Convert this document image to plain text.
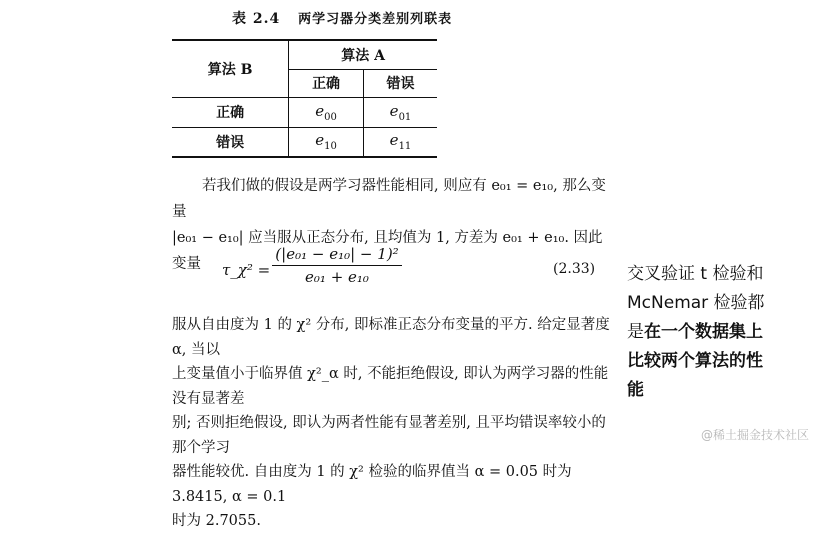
表 2.4 两学习器分类差别列联表
算法 B	算法 A	
	正确	错误
正确	$e_{00}$	$e_{01}$
错误	$e_{10}$	$e_{11}$
若我们做的假设是两学习器性能相同, 则应有 e₀₁ = e₁₀, 那么变量
|e₀₁ − e₁₀| 应当服从正态分布, 且均值为 1, 方差为 e₀₁ + e₁₀. 因此变量	τ_χ² = $\frac{\text{(|e₀₁ − e₁₀| − 1)²}}{\text{e₀₁ + e₁₀}}$	(2.33)
服从自由度为 1 的 χ² 分布, 即标准正态分布变量的平方. 给定显著度 α, 当以
上变量值小于临界值 χ²_α 时, 不能拒绝假设, 即认为两学习器的性能没有显著差
别; 否则拒绝假设, 即认为两者性能有显著差别, 且平均错误率较小的那个学习
器性能较优. 自由度为 1 的 χ² 检验的临界值当 α = 0.05 时为 3.8415, α = 0.1
时为 2.7055.
交叉验证 t 检验和 McNemar 检验都是在一个数据集上比较两个算法的性能
@稀土掘金技术社区
